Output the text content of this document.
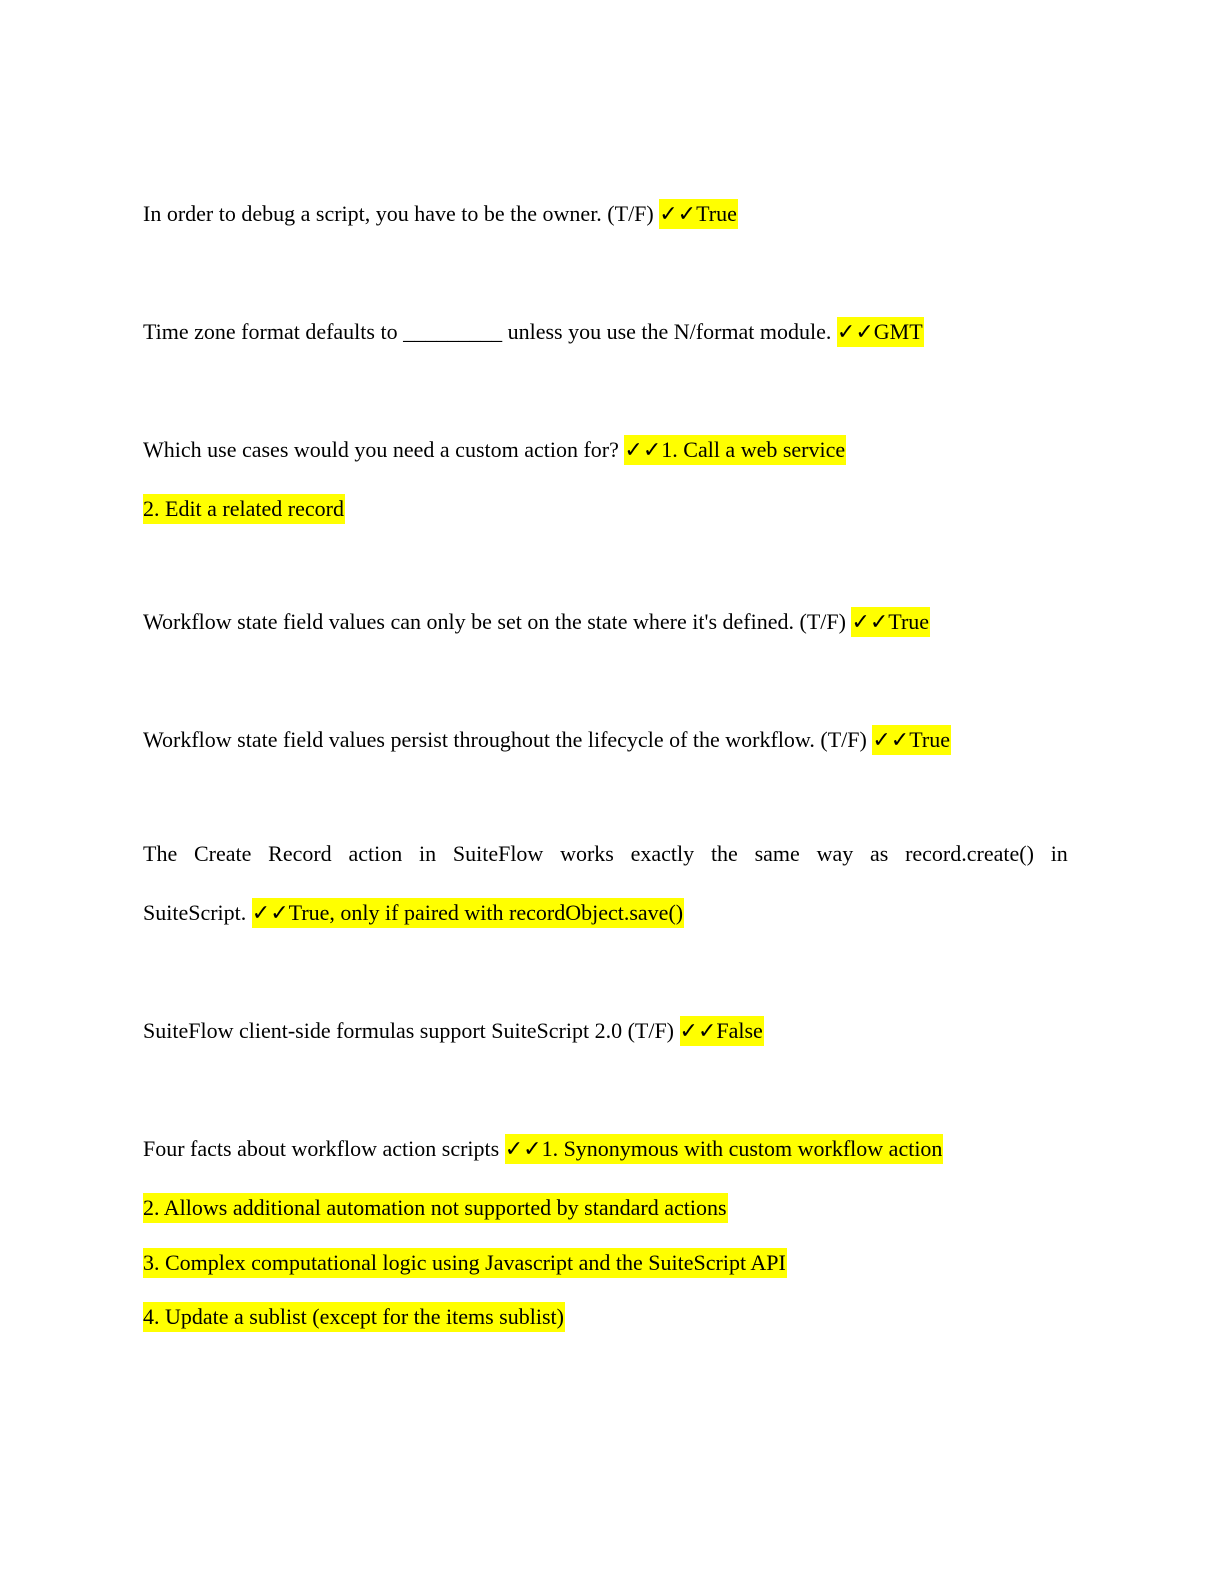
In order to debug a script, you have to be the owner. (T/F) ✓✓True
Time zone format defaults to _________ unless you use the N/format module. ✓✓GMT
Which use cases would you need a custom action for? ✓✓1. Call a web service
2. Edit a related record
Workflow state field values can only be set on the state where it's defined. (T/F) ✓✓True
Workflow state field values persist throughout the lifecycle of the workflow. (T/F) ✓✓True
The Create Record action in SuiteFlow works exactly the same way as record.create() in
SuiteScript. ✓✓True, only if paired with recordObject.save()
SuiteFlow client-side formulas support SuiteScript 2.0 (T/F) ✓✓False
Four facts about workflow action scripts ✓✓1. Synonymous with custom workflow action
2. Allows additional automation not supported by standard actions
3. Complex computational logic using Javascript and the SuiteScript API
4. Update a sublist (except for the items sublist)
